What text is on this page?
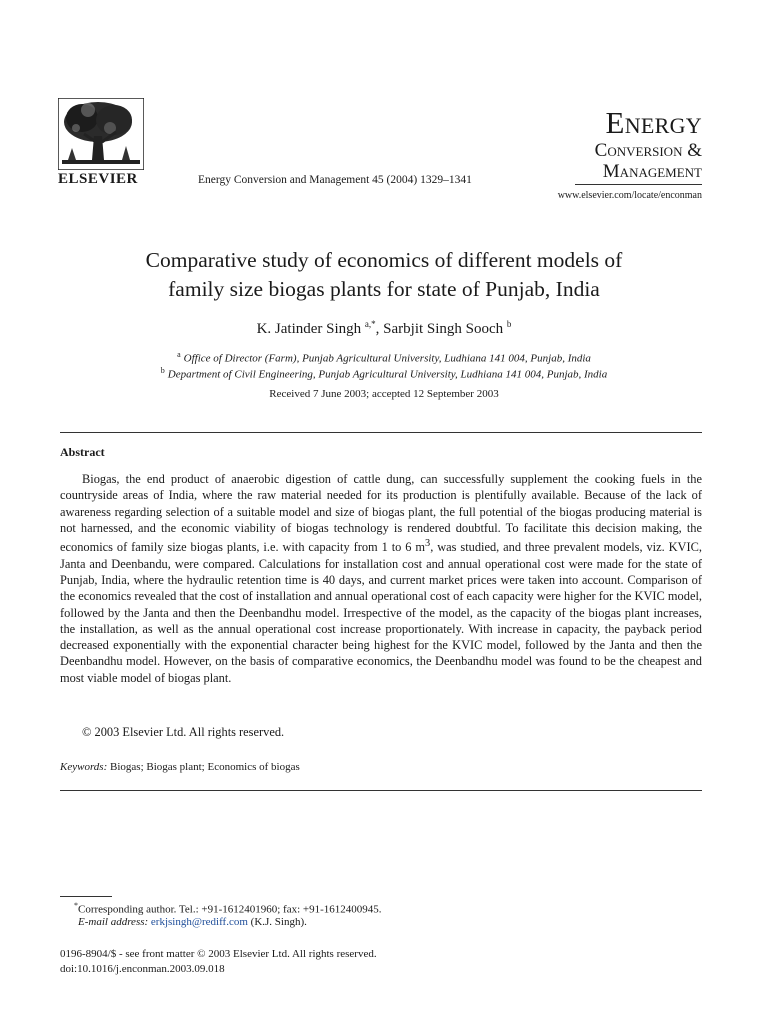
ELSEVIER	Energy Conversion and Management 45 (2004) 1329–1341
Energy
Conversion &
Management
www.elsevier.com/locate/enconman
Comparative study of economics of different models of
family size biogas plants for state of Punjab, India
K. Jatinder Singh $^{a,*}$, Sarbjit Singh Sooch $^b$
$^a$ Office of Director (Farm), Punjab Agricultural University, Ludhiana 141 004, Punjab, India
$^b$ Department of Civil Engineering, Punjab Agricultural University, Ludhiana 141 004, Punjab, India
Received 7 June 2003; accepted 12 September 2003
Abstract

Biogas, the end product of anaerobic digestion of cattle dung, can successfully supplement the cooking fuels in the countryside areas of India, where the raw material needed for its production is plentifully available. Because of the lack of awareness regarding selection of a suitable model and size of biogas plant, the full potential of the biogas producing material is not harnessed, and the economic viability of biogas technology is rendered doubtful. To facilitate this decision making, the economics of family size biogas plants, i.e. with capacity from 1 to 6 $m^3$, was studied, and three prevalent models, viz. KVIC, Janta and Deenbandu, were compared. Calculations for installation cost and annual operational cost were made for the state of Punjab, India, where the hydraulic retention time is 40 days, and current market prices were taken into account. Comparison of the economics revealed that the cost of installation and annual operational cost of each capacity were higher for the KVIC model, followed by the Janta and then the Deenbandhu model. Irrespective of the model, as the capacity of the biogas plant increases, the installation, as well as the annual operational cost increase proportionately. With increase in capacity, the payback period decreased exponentially with the exponential character being highest for the KVIC model, followed by the Janta and then the Deenbandhu model. However, on the basis of comparative economics, the Deenbandhu model was found to be the cheapest and most viable model of biogas plant.

© 2003 Elsevier Ltd. All rights reserved.
Keywords: Biogas; Biogas plant; Economics of biogas
*Corresponding author. Tel.: +91-1612401960; fax: +91-1612400945.
E-mail address: erkjsingh@rediff.com (K.J. Singh).
0196-8904/$ - see front matter © 2003 Elsevier Ltd. All rights reserved.
doi:10.1016/j.enconman.2003.09.018
